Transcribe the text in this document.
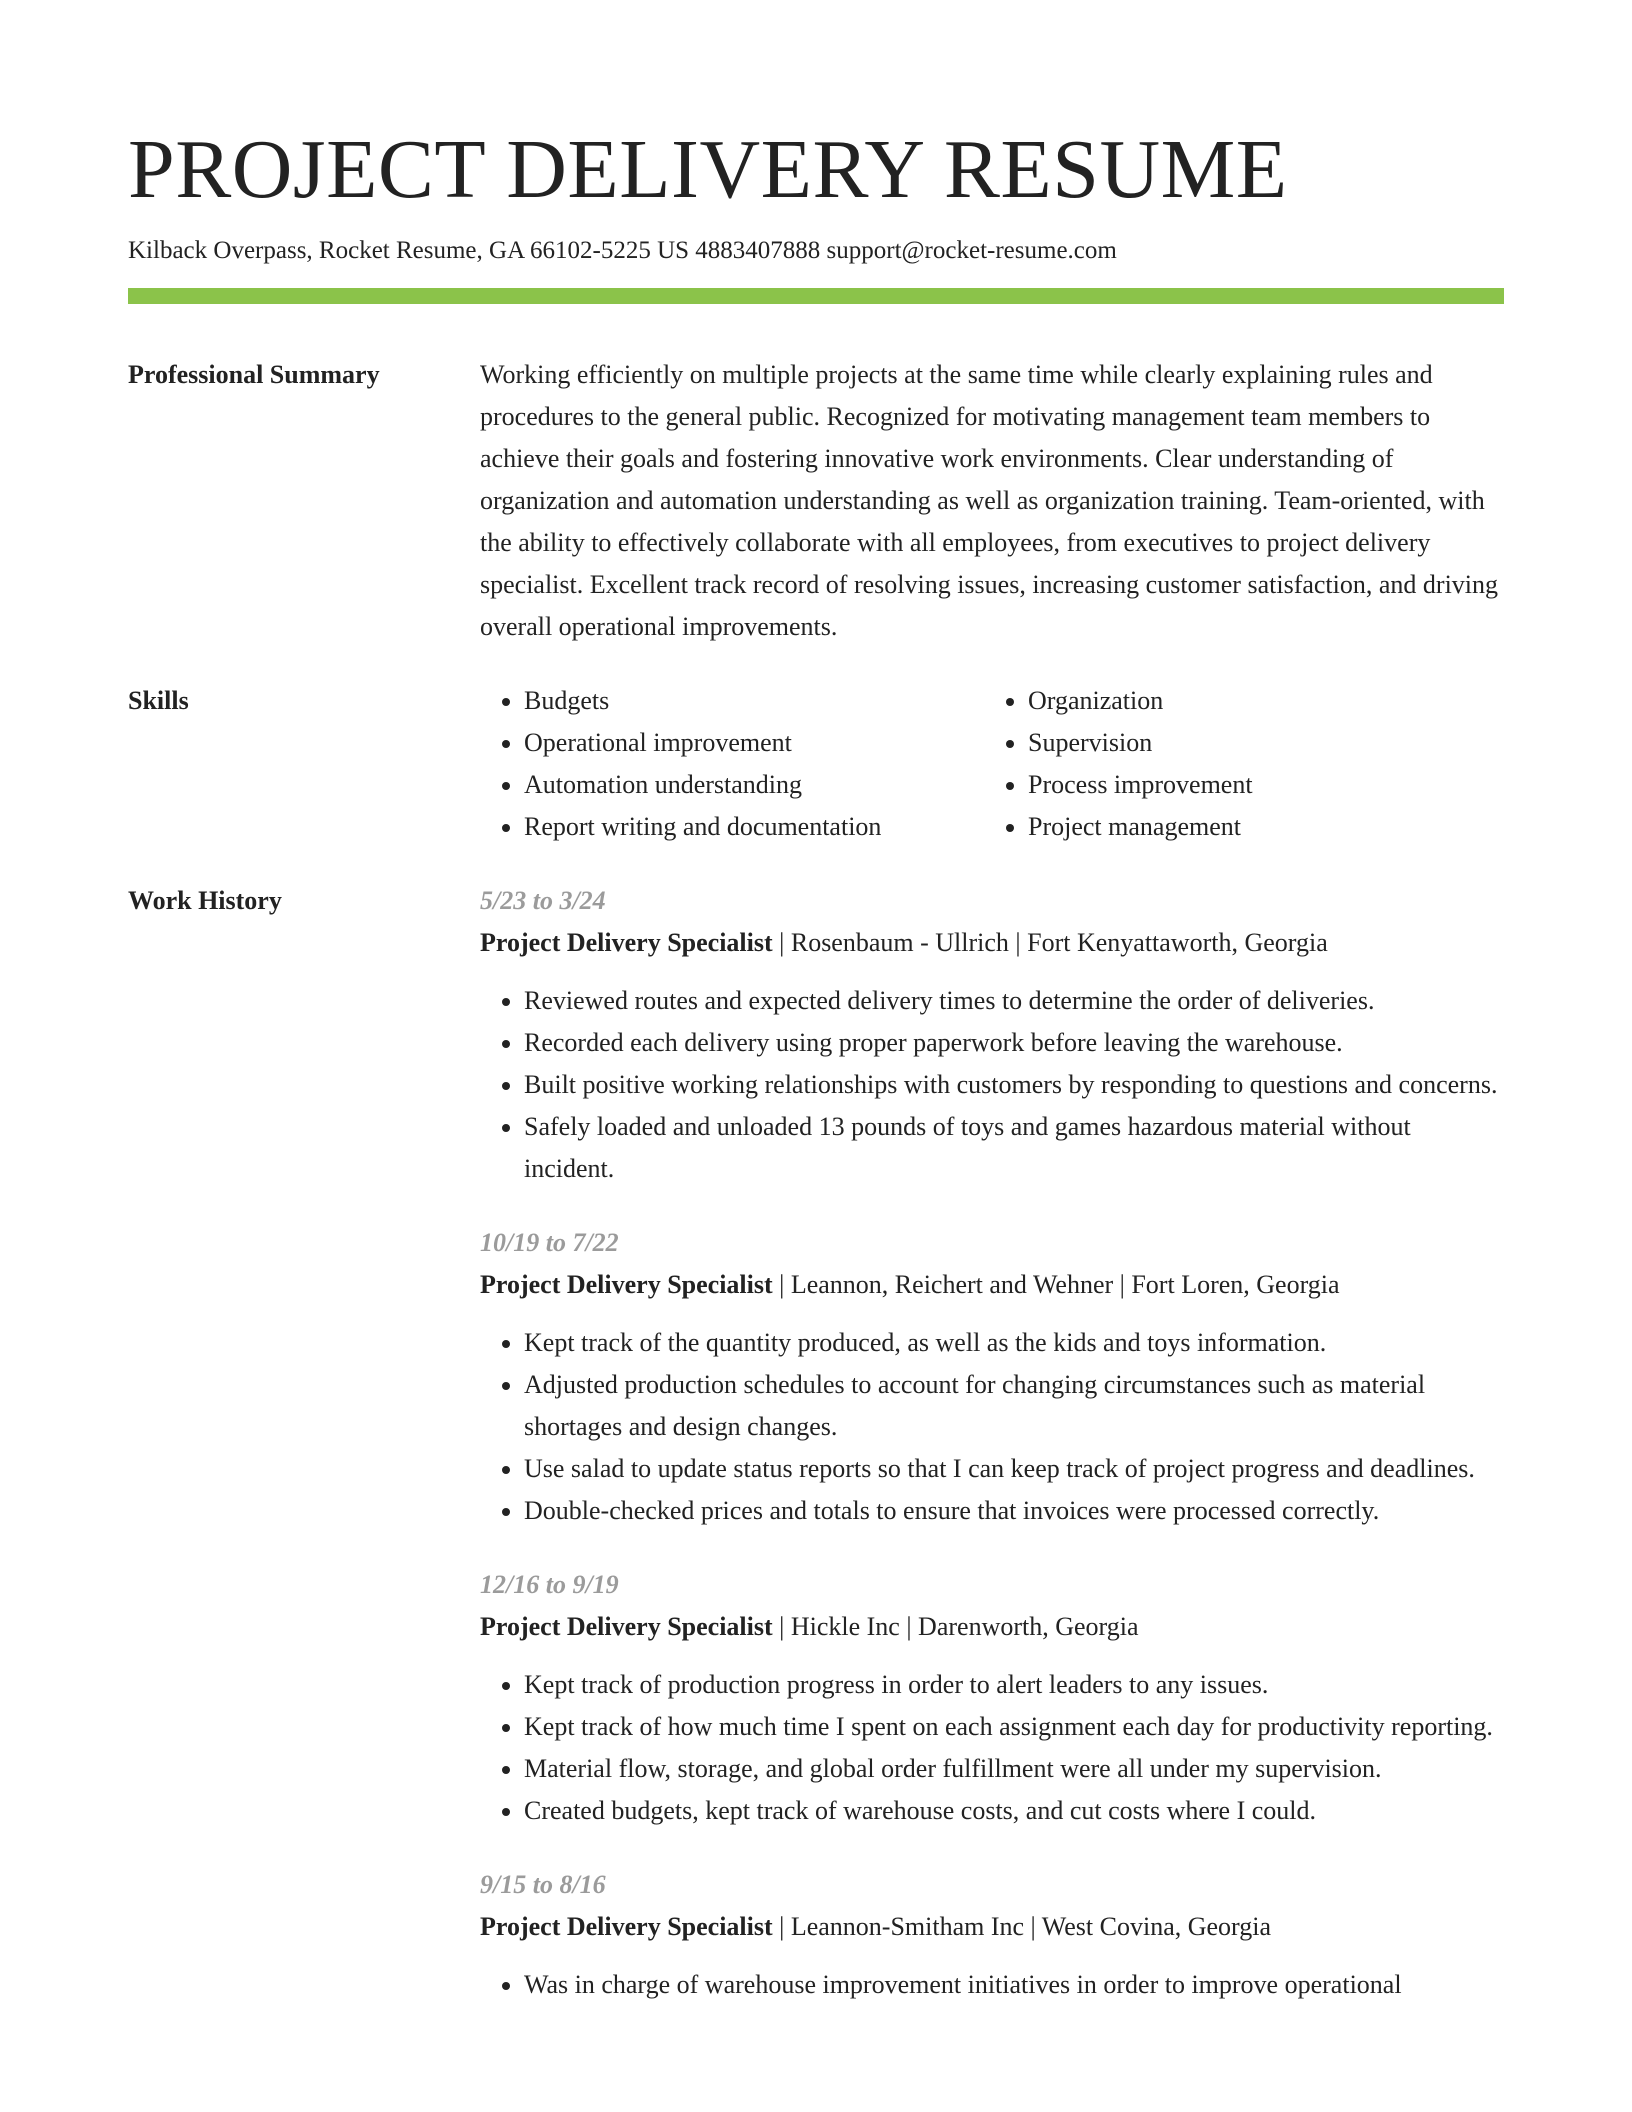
PROJECT DELIVERY RESUME
Kilback Overpass, Rocket Resume, GA 66102-5225 US 4883407888 support@rocket-resume.com
Professional Summary	Working efficiently on multiple projects at the same time while clearly explaining rules and procedures to the general public. Recognized for motivating management team members to achieve their goals and fostering innovative work environments. Clear understanding of organization and automation understanding as well as organization training. Team-oriented, with the ability to effectively collaborate with all employees, from executives to project delivery specialist. Excellent track record of resolving issues, increasing customer satisfaction, and driving overall operational improvements.

Skills
•	Budgets
• Operational improvement
• Automation understanding
• Report writing and documentation
• Organization
• Supervision
• Process improvement
• Project management
Work History	5/23 to 3/24
Project Delivery Specialist | Rosenbaum - Ullrich | Fort Kenyattaworth, Georgia
• Reviewed routes and expected delivery times to determine the order of deliveries.
• Recorded each delivery using proper paperwork before leaving the warehouse.
• Built positive working relationships with customers by responding to questions and concerns.
• Safely loaded and unloaded 13 pounds of toys and games hazardous material without incident.
10/19 to 7/22
Project Delivery Specialist | Leannon, Reichert and Wehner | Fort Loren, Georgia
• Kept track of the quantity produced, as well as the kids and toys information.
• Adjusted production schedules to account for changing circumstances such as material shortages and design changes.
• Use salad to update status reports so that I can keep track of project progress and deadlines.
• Double-checked prices and totals to ensure that invoices were processed correctly.
12/16 to 9/19
Project Delivery Specialist | Hickle Inc | Darenworth, Georgia
• Kept track of production progress in order to alert leaders to any issues.
• Kept track of how much time I spent on each assignment each day for productivity reporting.
• Material flow, storage, and global order fulfillment were all under my supervision.
• Created budgets, kept track of warehouse costs, and cut costs where I could.
9/15 to 8/16
Project Delivery Specialist | Leannon-Smitham Inc | West Covina, Georgia
• Was in charge of warehouse improvement initiatives in order to improve operational
